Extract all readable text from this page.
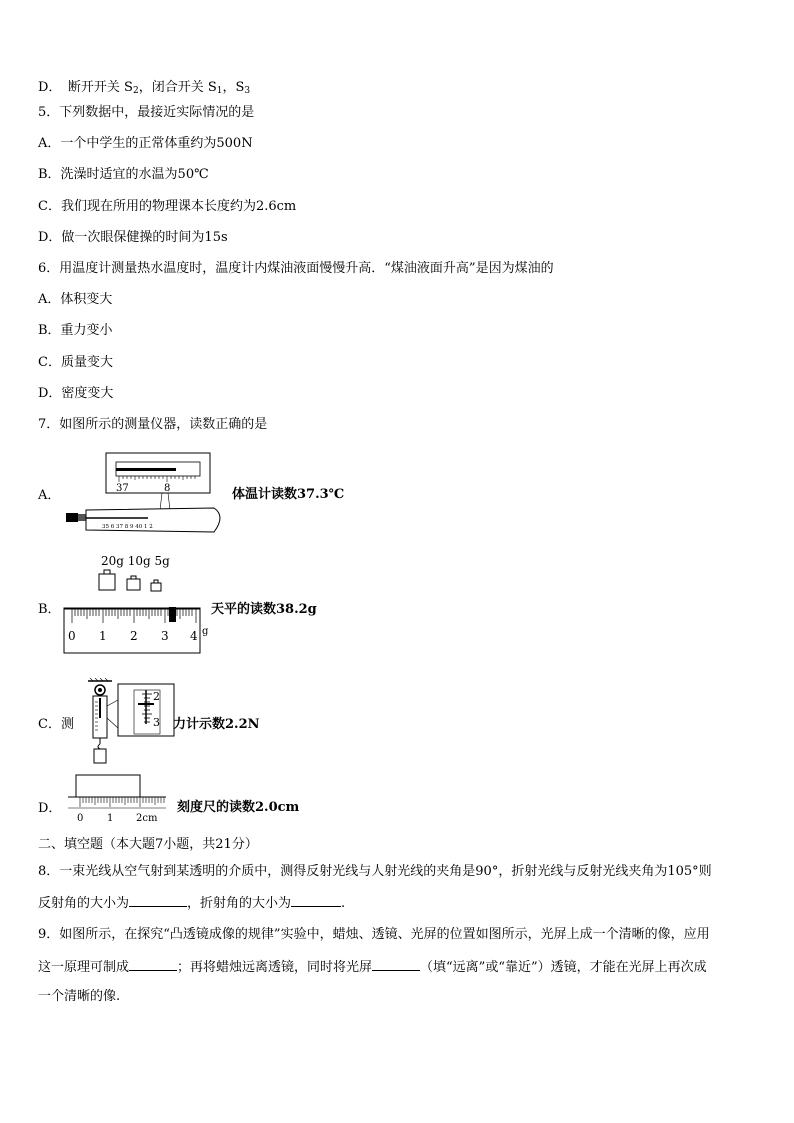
D．　断开开关 $S_2$，闭合开关 $S_1$，$S_3$
5．下列数据中，最接近实际情况的是
A．一个中学生的正常体重约为500N
B．洗澡时适宜的水温为50℃
C．我们现在所用的物理课本长度约为2.6cm
D．做一次眼保健操的时间为15s
6．用温度计测量热水温度时，温度计内煤油液面慢慢升高．“煤油液面升高”是因为煤油的
A．体积变大
B．重力变小
C．质量变大
D．密度变大
7．如图所示的测量仪器，读数正确的是
A．	37	8
35 6 37 8 9 40 1 2
体温计读数37.3℃
B．
20g 10g 5g
0 1 2 3 4 g
天平的读数38.2g
C．测
2
3 力计示数2.2N
D．
0 1 2cm
刻度尺的读数2.0cm
二、填空题（本大题7小题，共21分）
8．一束光线从空气射到某透明的介质中，测得反射光线与人射光线的夹角是90°，折射光线与反射光线夹角为105°则
反射角的大小为	，折射角的大小为	.
9．如图所示，在探究“凸透镜成像的规律”实验中，蜡烛、透镜、光屏的位置如图所示，光屏上成一个清晰的像，应用
这一原理可制成	；再将蜡烛远离透镜，同时将光屏	（填“远离”或“靠近”）透镜，才能在光屏上再次成
一个清晰的像.
